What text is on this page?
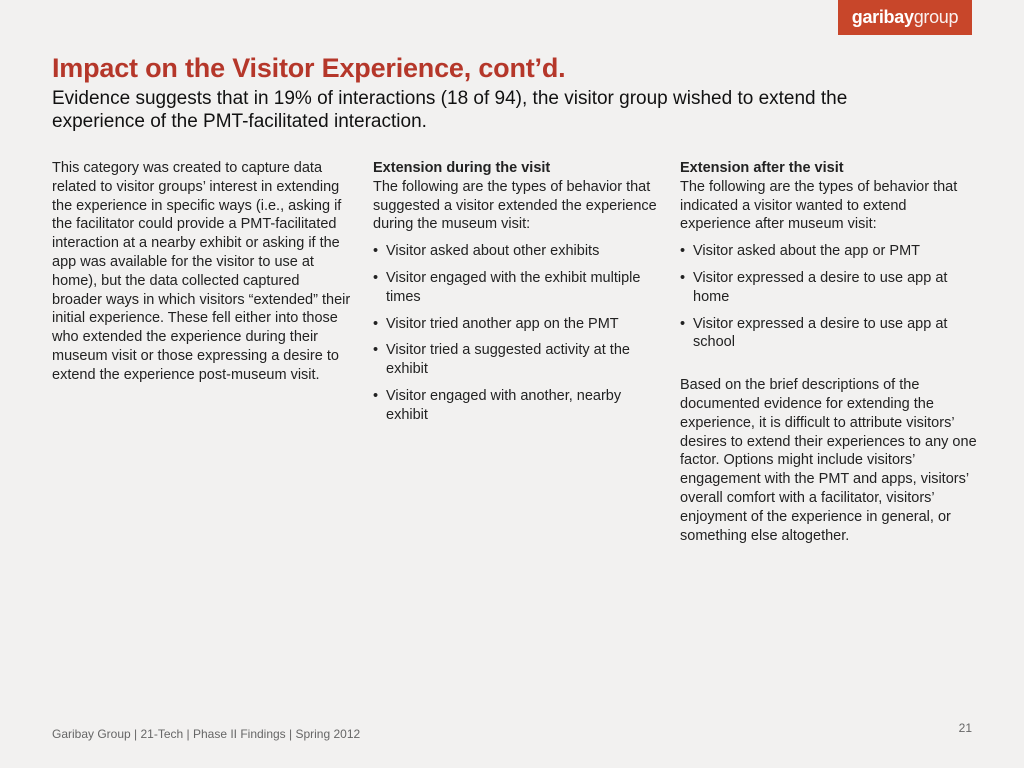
garibay group
Impact on the Visitor Experience, cont’d.

Evidence suggests that in 19% of interactions (18 of 94), the visitor group wished to extend the experience of the PMT-facilitated interaction.

This category was created to capture data related to visitor groups’ interest in extending the experience in specific ways (i.e., asking if the facilitator could provide a PMT-facilitated interaction at a nearby exhibit or asking if the app was available for the visitor to use at home), but the data collected captured broader ways in which visitors “extended” their initial experience. These fell either into those who extended the experience during their museum visit or those expressing a desire to extend the experience post-museum visit.

Extension during the visit

The following are the types of behavior that suggested a visitor extended the experience during the museum visit:

• Visitor asked about other exhibits
• Visitor engaged with the exhibit multiple times
• Visitor tried another app on the PMT
• Visitor tried a suggested activity at the exhibit
• Visitor engaged with another, nearby exhibit

Extension after the visit

The following are the types of behavior that indicated a visitor wanted to extend experience after museum visit:

• Visitor asked about the app or PMT
• Visitor expressed a desire to use app at home
• Visitor expressed a desire to use app at school

Based on the brief descriptions of the documented evidence for extending the experience, it is difficult to attribute visitors’ desires to extend their experiences to any one factor. Options might include visitors’ engagement with the PMT and apps, visitors’ overall comfort with a facilitator, visitors’ enjoyment of the experience in general, or something else altogether.

Garibay Group | 21-Tech | Phase II Findings | Spring 2012	21
